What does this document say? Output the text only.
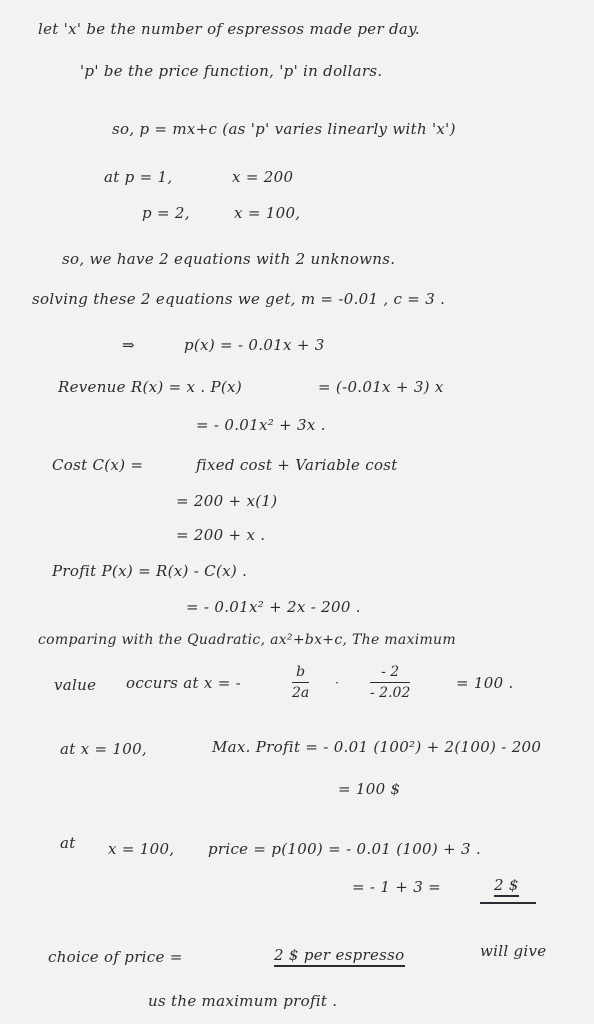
let 'x' be the number of espressos made per day.
'p' be the price function, 'p' in dollars.
so, p = mx+c (as 'p' varies linearly with 'x')
at p = 1,	x = 200
p = 2,	x = 100,
so, we have 2 equations with 2 unknowns.
solving these 2 equations we get, m = -0.01 , c = 3 .
⇒	p(x) = - 0.01x + 3
Revenue R(x) = x . P(x)	= (-0.01x + 3) x
= - 0.01x² + 3x .
Cost C(x) =	fixed cost + Variable cost
= 200 + x(1)
= 200 + x .
Profit P(x) = R(x) - C(x) .
= - 0.01x² + 2x - 200 .
comparing with the Quadratic, ax²+bx+c, The maximum
value occurs at x = -
b
2a
·
- 2
- 2.02
= 100 .
at x = 100,	Max. Profit = - 0.01 (100²) + 2(100) - 200
= 100 $
at x = 100, price = p(100) = - 0.01 (100) + 3 .
= - 1 + 3 =	2 $
choice of price =	2 $ per espresso	will give
us the maximum profit .
